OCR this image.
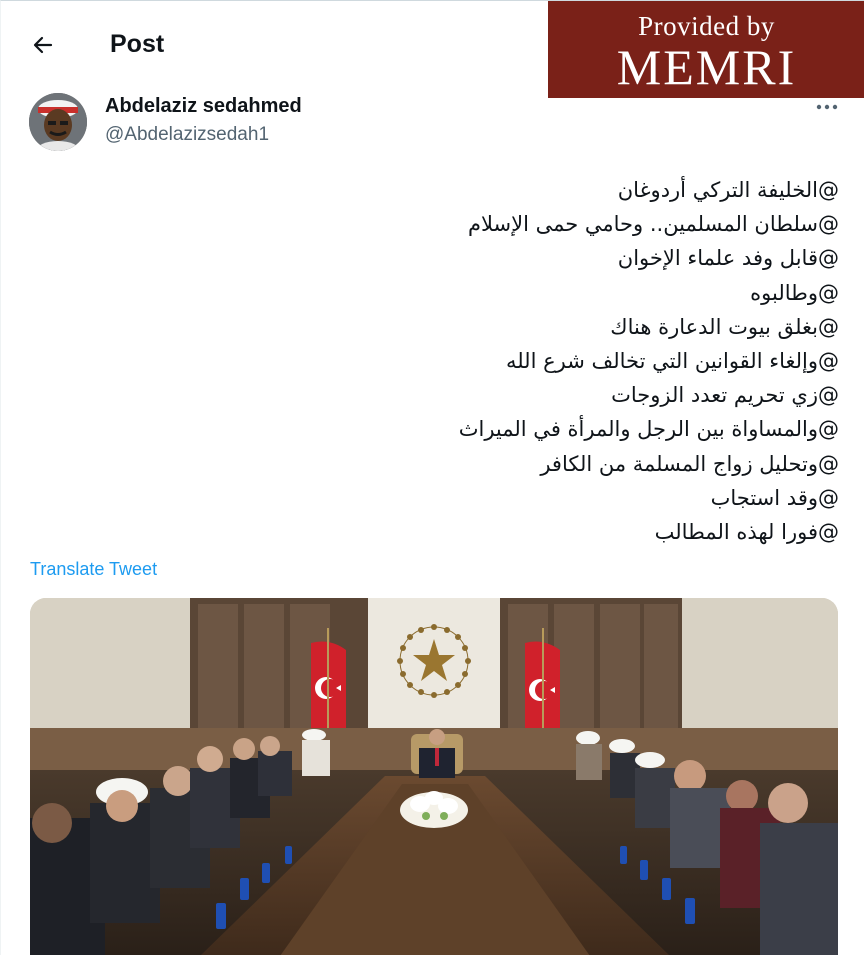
Post
Provided by
MEMRI
Abdelaziz sedahmed
@Abdelazizsedah1
@الخليفة التركي أردوغان
@سلطان المسلمين.. وحامي حمى الإسلام
@قابل وفد علماء الإخوان
@وطالبوه
@بغلق بيوت الدعارة هناك
@وإلغاء القوانين التي تخالف شرع الله
@زي تحريم تعدد الزوجات
@والمساواة بين الرجل والمرأة في الميراث
@وتحليل زواج المسلمة من الكافر
@وقد استجاب
@فورا لهذه المطالب
Translate Tweet
